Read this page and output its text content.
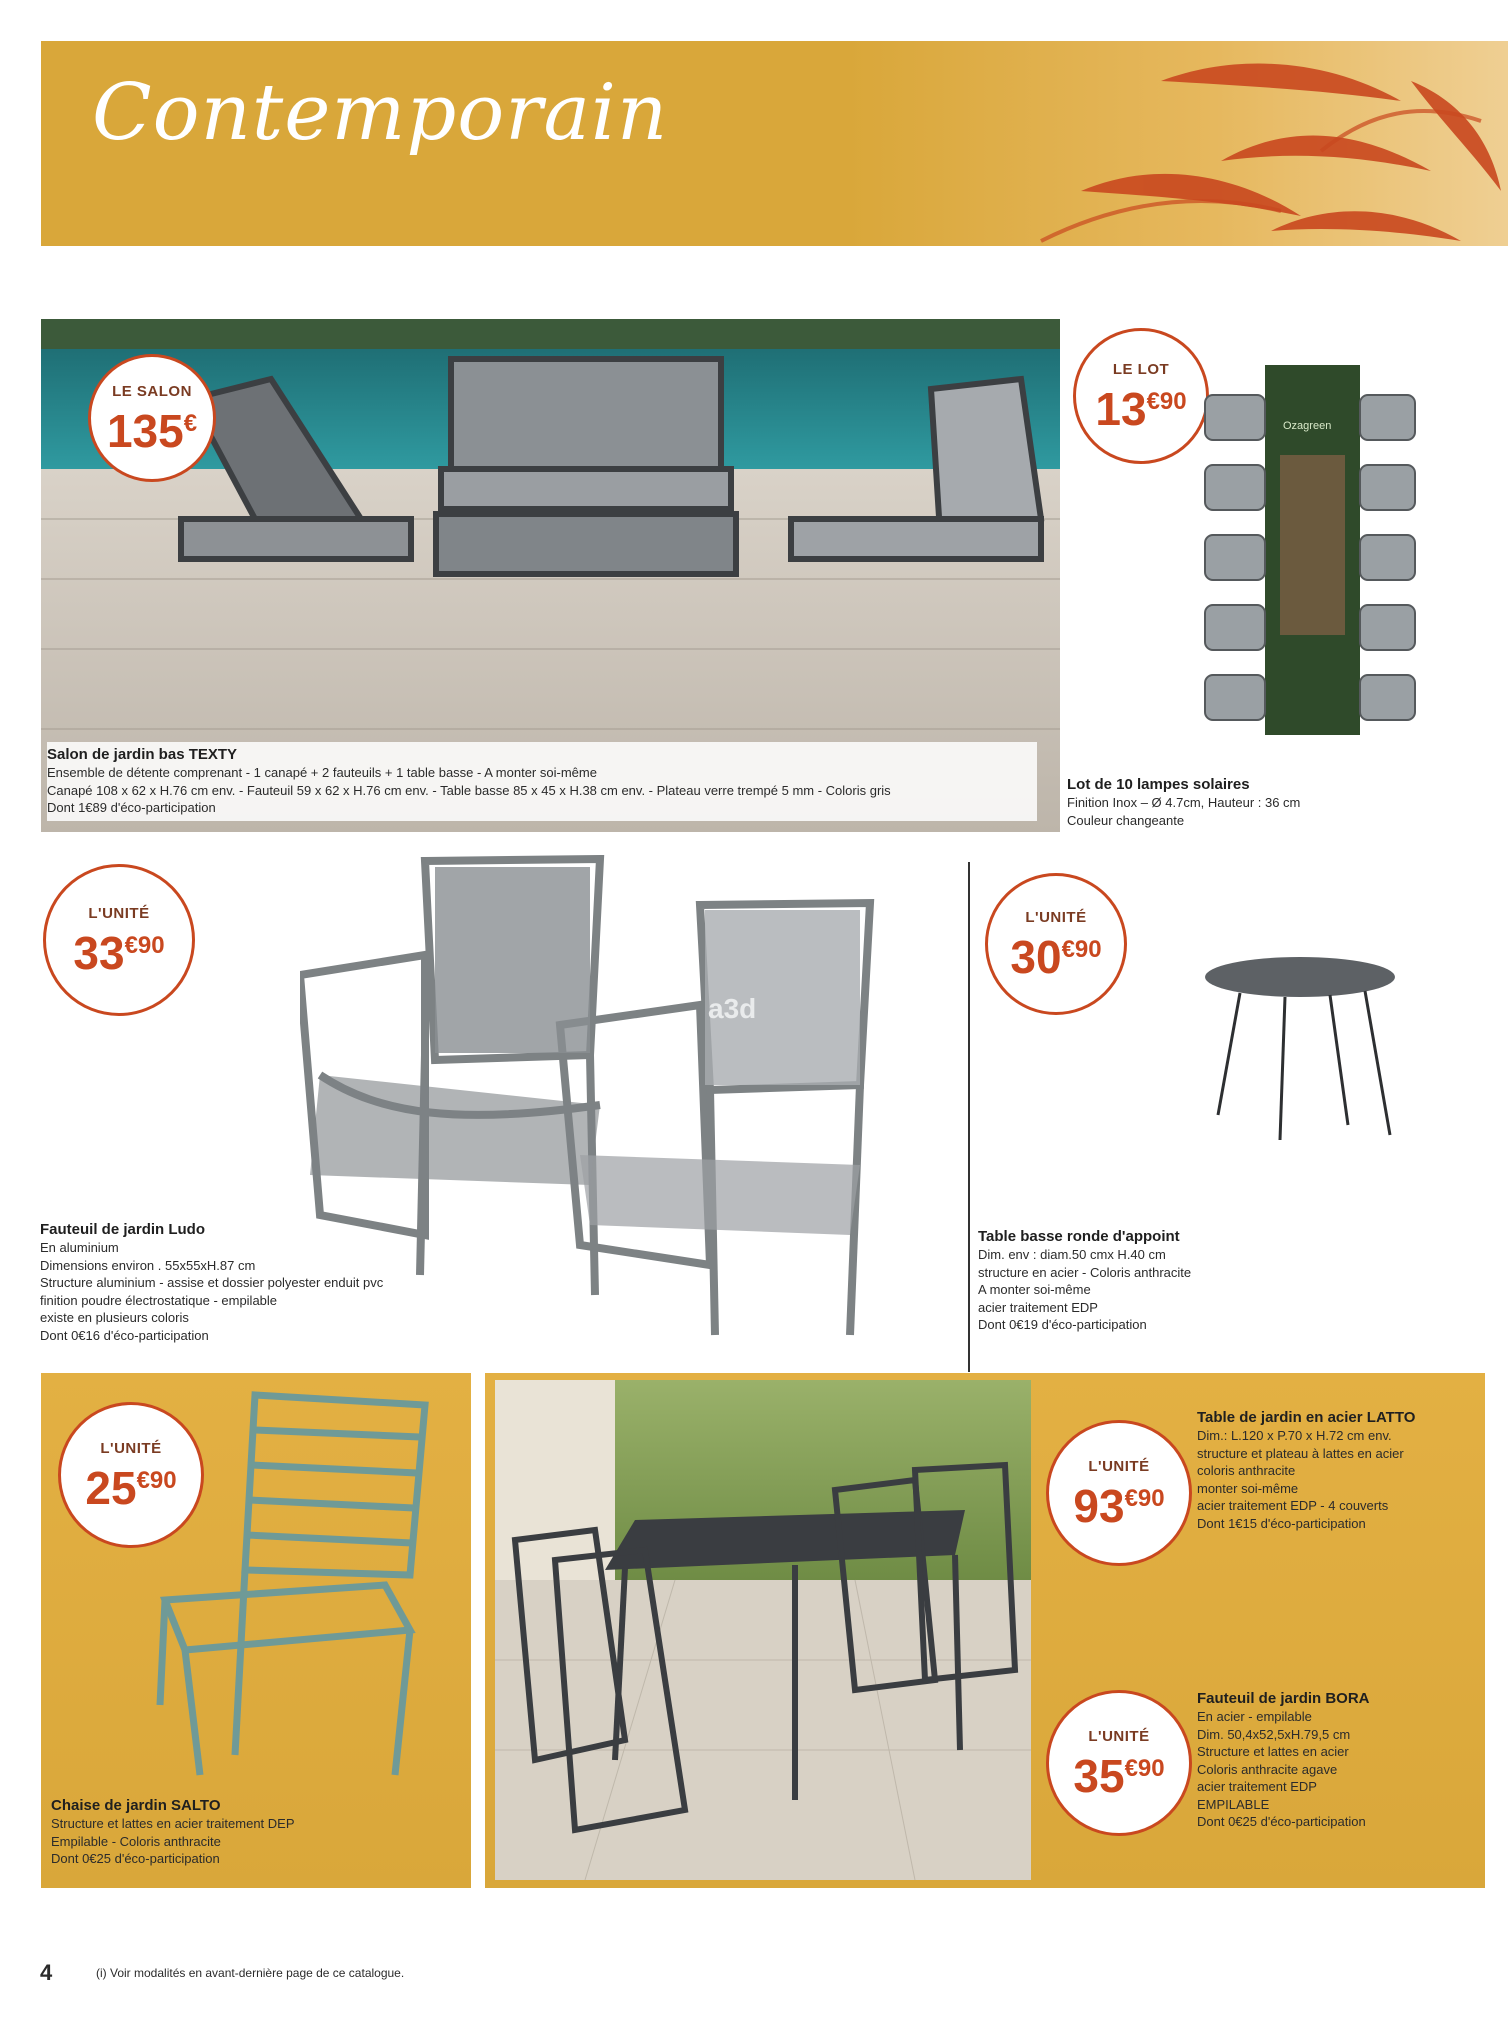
Contemporain
LE SALON
135€
Salon de jardin bas TEXTY
Ensemble de détente comprenant - 1 canapé + 2 fauteuils + 1 table basse - A monter soi-même
Canapé 108 x 62 x H.76 cm env. - Fauteuil 59 x 62 x H.76 cm env. - Table basse 85 x 45 x H.38 cm env. - Plateau verre trempé 5 mm - Coloris gris
Dont 1€89 d'éco-participation
LE LOT
13€90
Ozagreen
Lot de 10 lampes solaires
Finition Inox – Ø 4.7cm, Hauteur : 36 cm
Couleur changeante
L'UNITÉ
33€90
a3d
Fauteuil de jardin Ludo
En aluminium
Dimensions environ . 55x55xH.87 cm
Structure aluminium - assise et dossier polyester enduit pvc
finition poudre électrostatique - empilable
existe en plusieurs coloris
Dont 0€16 d'éco-participation
L'UNITÉ
30€90
Table basse ronde d'appoint
Dim. env : diam.50 cmx H.40 cm
structure en acier - Coloris anthracite
A monter soi-même
acier traitement EDP
Dont 0€19 d'éco-participation
L'UNITÉ
25€90
Chaise de jardin SALTO
Structure et lattes en acier traitement DEP
Empilable - Coloris anthracite
Dont 0€25 d'éco-participation
L'UNITÉ
93€90
Table de jardin en acier LATTO
Dim.: L.120 x P.70 x H.72 cm env.
structure et plateau à lattes en acier
coloris anthracite
monter soi-même
acier traitement EDP - 4 couverts
Dont 1€15 d'éco-participation
L'UNITÉ
35€90
Fauteuil de jardin BORA
En acier - empilable
Dim. 50,4x52,5xH.79,5 cm
Structure et lattes en acier
Coloris anthracite agave
acier traitement EDP
EMPILABLE
Dont 0€25 d'éco-participation
4	(i) Voir modalités en avant-dernière page de ce catalogue.
